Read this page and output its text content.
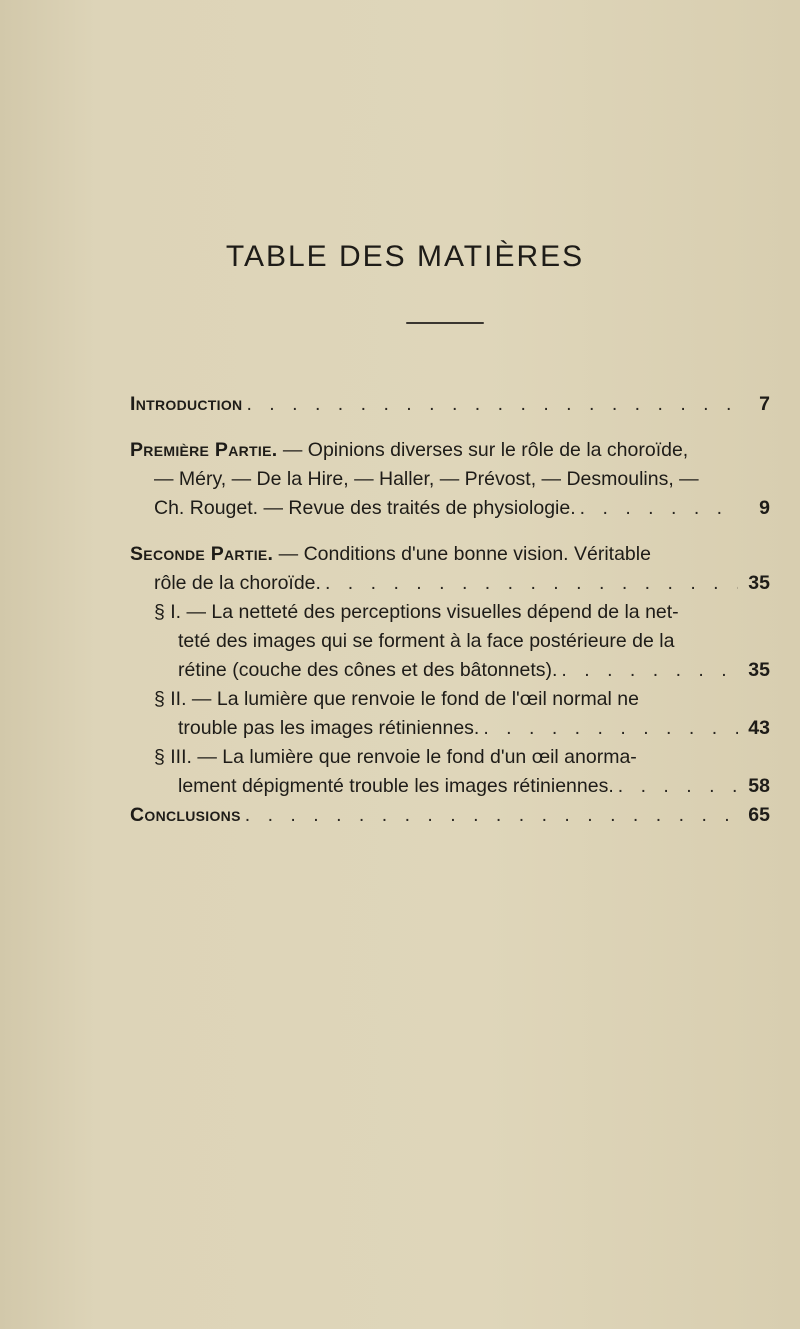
TABLE DES MATIÈRES
Introduction . . .	7
Première Partie. — Opinions diverses sur le rôle de la choroïde,
— Méry, — De la Hire, — Haller, — Prévost, — Desmoulins, —
Ch. Rouget. — Revue des traités de physiologie. . . .	9
Seconde Partie. — Conditions d'une bonne vision. Véritable
rôle de la choroïde. . . .	35
§ I. — La netteté des perceptions visuelles dépend de la net-
teté des images qui se forment à la face postérieure de la
rétine (couche des cônes et des bâtonnets). . . .	35
§ II. — La lumière que renvoie le fond de l'œil normal ne
trouble pas les images rétiniennes. . . .	43
§ III. — La lumière que renvoie le fond d'un œil anorma-
lement dépigmenté trouble les images rétiniennes. . . .	58
Conclusions . . .	65
